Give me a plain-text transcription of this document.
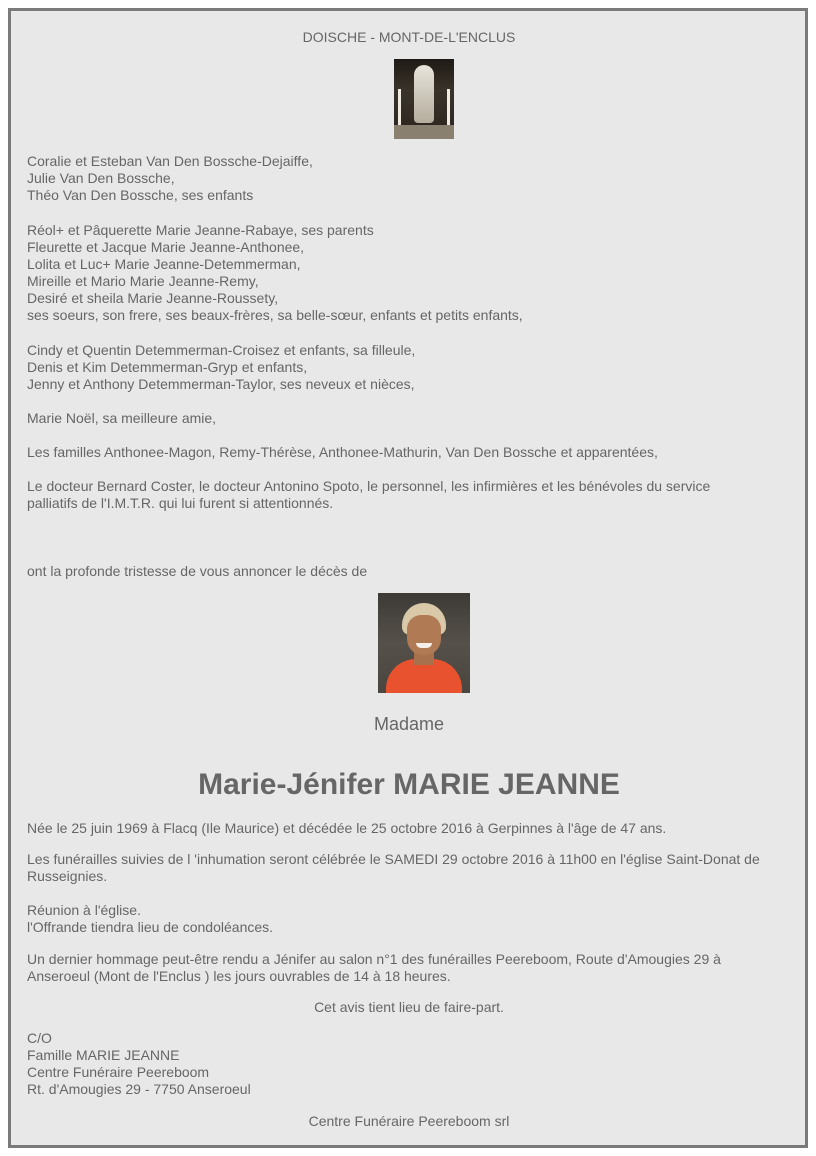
DOISCHE - MONT-DE-L'ENCLUS
Coralie et Esteban Van Den Bossche-Dejaiffe,
Julie Van Den Bossche,
Théo Van Den Bossche, ses enfants
Réol+ et Pâquerette Marie Jeanne-Rabaye, ses parents
Fleurette et Jacque Marie Jeanne-Anthonee,
Lolita et Luc+ Marie Jeanne-Detemmerman,
Mireille et Mario Marie Jeanne-Remy,
Desiré et sheila Marie Jeanne-Roussety,
ses soeurs, son frere, ses beaux-frères, sa belle-sœur, enfants et petits enfants,
Cindy et Quentin Detemmerman-Croisez et enfants, sa filleule,
Denis et Kim Detemmerman-Gryp et enfants,
Jenny et Anthony Detemmerman-Taylor, ses neveux et nièces,
Marie Noël, sa meilleure amie,
Les familles Anthonee-Magon, Remy-Thérèse, Anthonee-Mathurin, Van Den Bossche et apparentées,
Le docteur Bernard Coster, le docteur Antonino Spoto, le personnel, les infirmières et les bénévoles du service
palliatifs de l'I.M.T.R. qui lui furent si attentionnés.
ont la profonde tristesse de vous annoncer le décès de
Madame
Marie-Jénifer MARIE JEANNE
Née le 25 juin 1969 à Flacq (Ile Maurice) et décédée le 25 octobre 2016 à Gerpinnes à l'âge de 47 ans.
Les funérailles suivies de l 'inhumation seront célébrée le SAMEDI 29 octobre 2016 à 11h00 en l'église Saint-Donat de
Russeignies.
Réunion à l'église.
l'Offrande tiendra lieu de condoléances.
Un dernier hommage peut-être rendu a Jénifer au salon n°1 des funérailles Peereboom, Route d'Amougies 29 à
Anseroeul (Mont de l'Enclus ) les jours ouvrables de 14 à 18 heures.
Cet avis tient lieu de faire-part.
C/O
Famille MARIE JEANNE
Centre Funéraire Peereboom
Rt. d'Amougies 29 - 7750 Anseroeul
Centre Funéraire Peereboom srl
